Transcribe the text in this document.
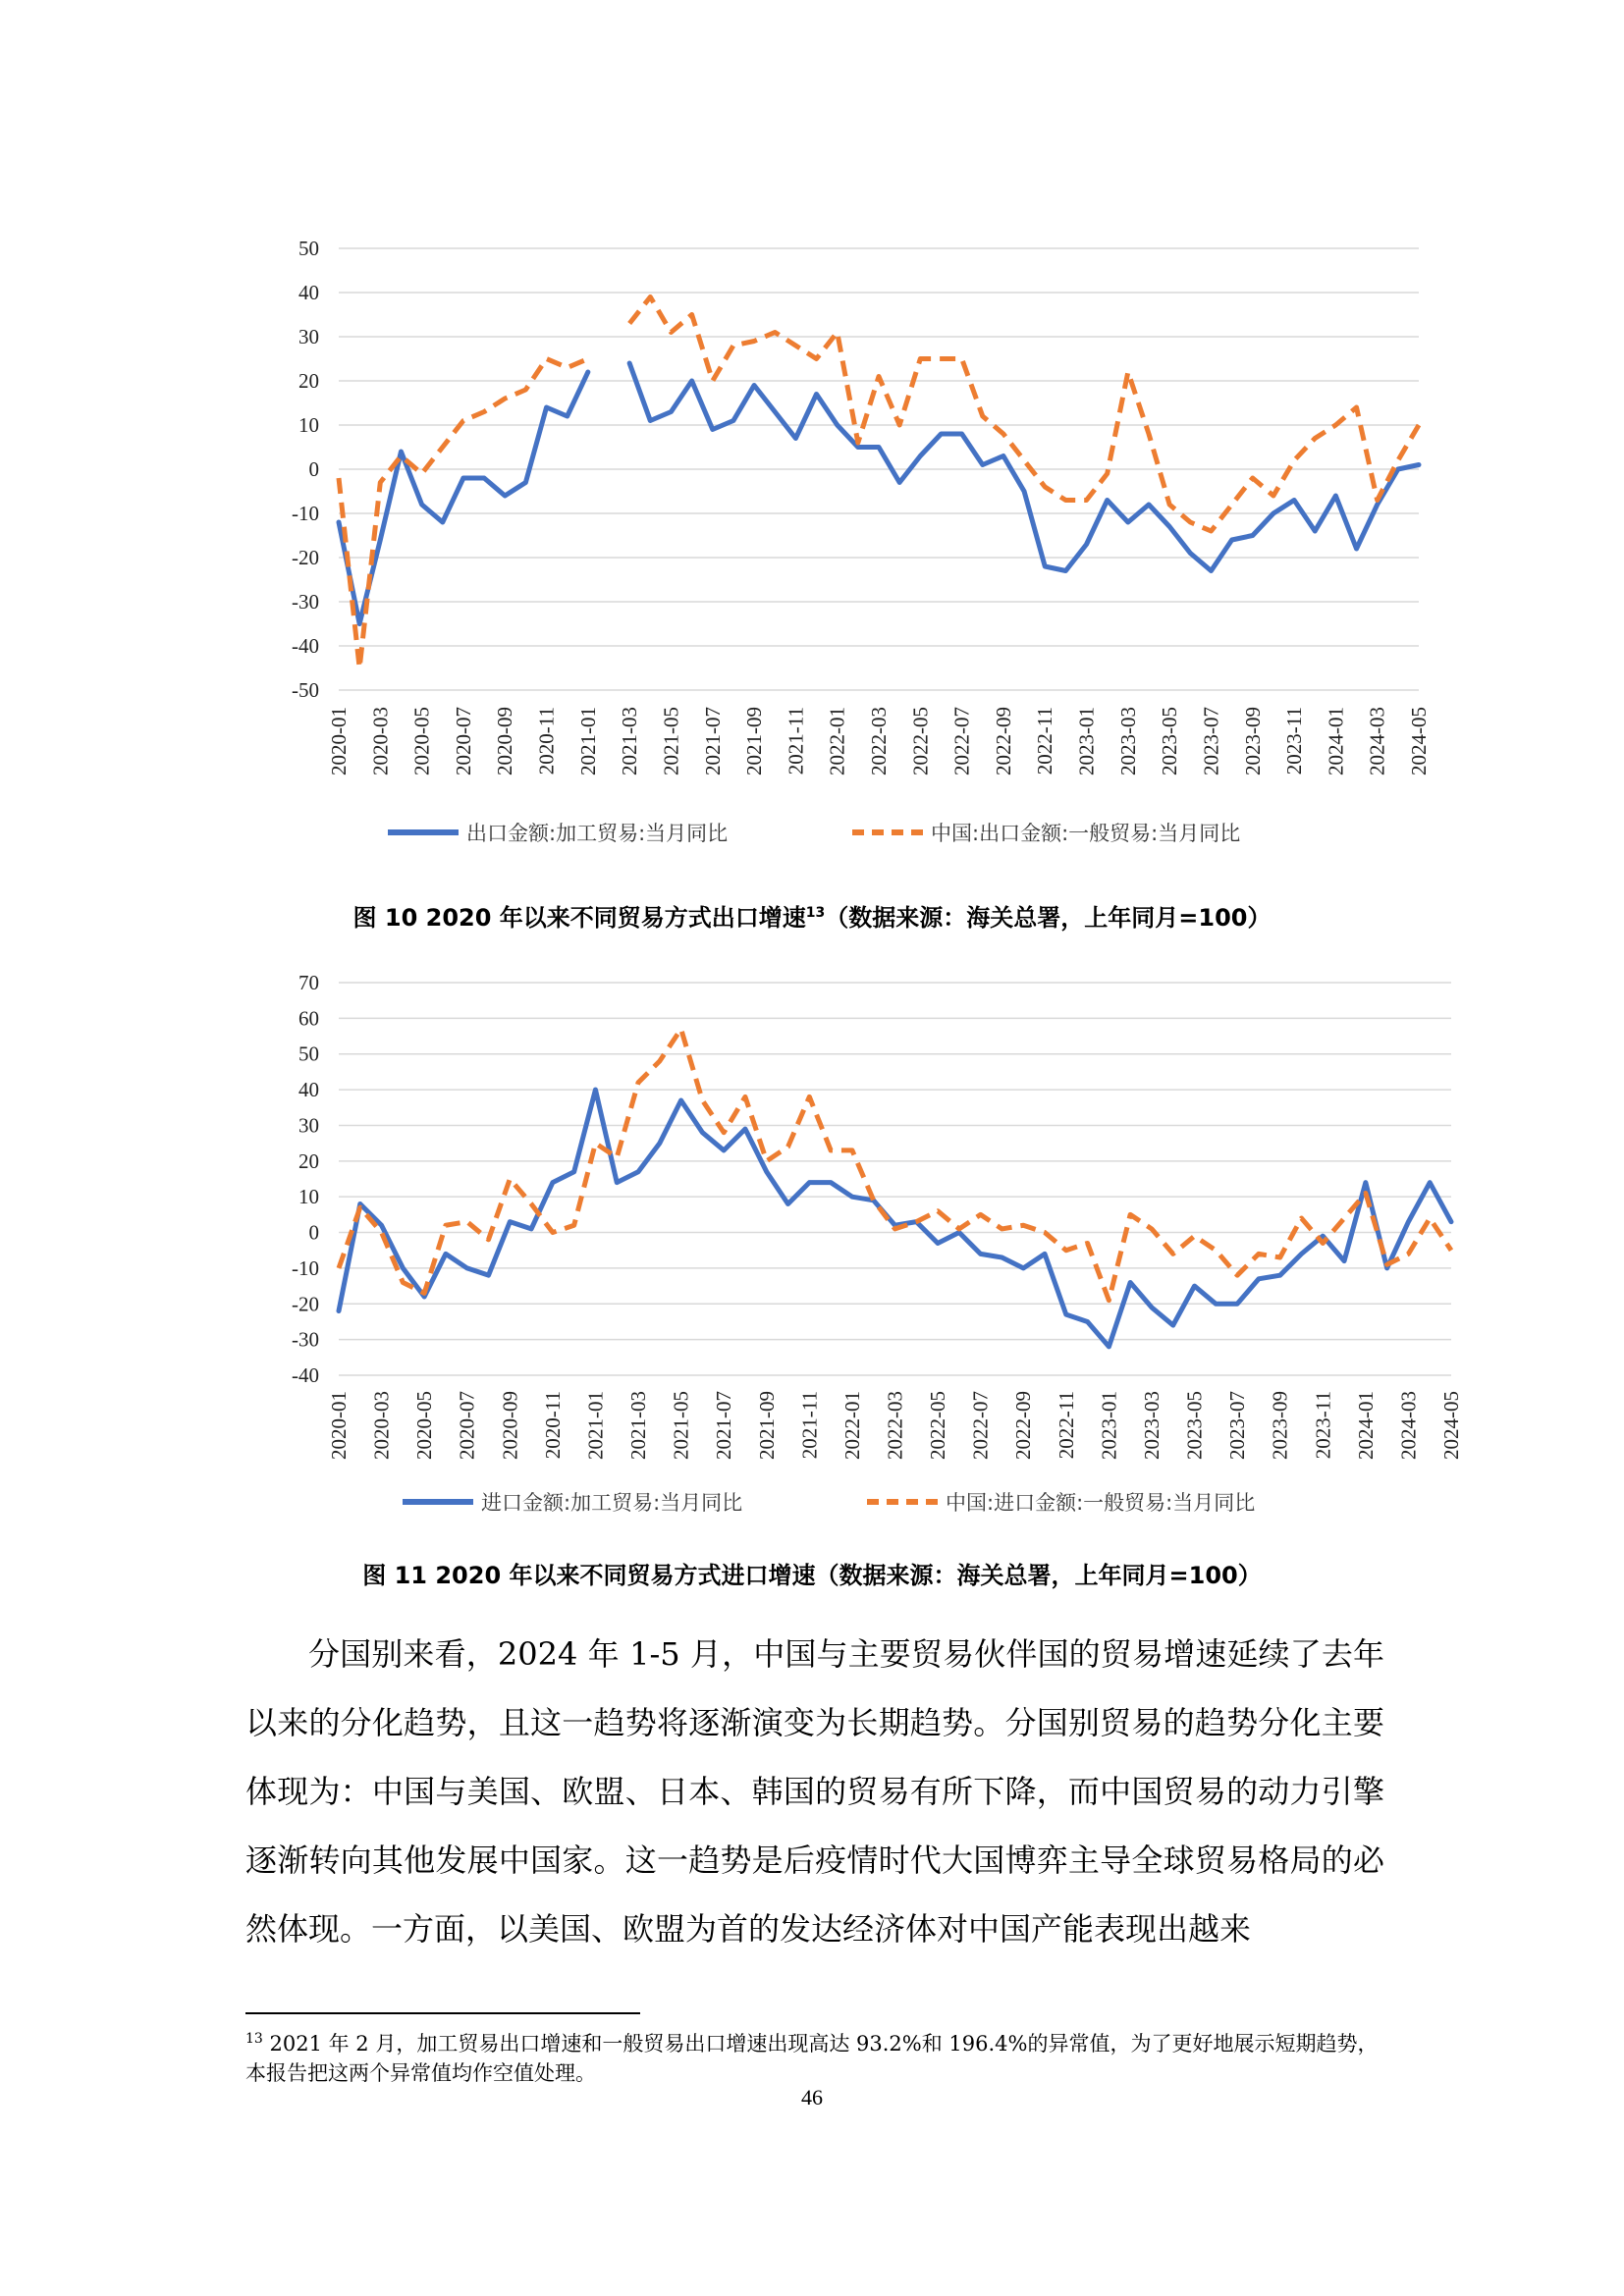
-50
-40
-30
-20
-10
0
10
20
30
40
50
2020-01 2020-03 2020-05 2020-07 2020-09 2020-11 2021-01 2021-03 2021-05 2021-07 2021-09 2021-11 2022-01 2022-03 2022-05 2022-07 2022-09 2022-11 2023-01 2023-03 2023-05 2023-07 2023-09 2023-11 2024-01 2024-03 2024-05
出口金额:加工贸易:当月同比	中国:出口金额:一般贸易:当月同比
图 10 2020 年以来不同贸易方式出口增速$^{13}$（数据来源：海关总署，上年同月=100）
-40
-30
-20
-10
0
10
20
30
40
50
60
70
2020-01 2020-03 2020-05 2020-07 2020-09 2020-11 2021-01 2021-03 2021-05 2021-07 2021-09 2021-11 2022-01 2022-03 2022-05 2022-07 2022-09 2022-11 2023-01 2023-03 2023-05 2023-07 2023-09 2023-11 2024-01 2024-03 2024-05
进口金额:加工贸易:当月同比	中国:进口金额:一般贸易:当月同比
图 11 2020 年以来不同贸易方式进口增速（数据来源：海关总署，上年同月=100）

分国别来看，2024 年 1-5 月，中国与主要贸易伙伴国的贸易增速延续了去年以来的分化趋势，且这一趋势将逐渐演变为长期趋势。分国别贸易的趋势分化主要体现为：中国与美国、欧盟、日本、韩国的贸易有所下降，而中国贸易的动力引擎逐渐转向其他发展中国家。这一趋势是后疫情时代大国博弈主导全球贸易格局的必然体现。一方面，以美国、欧盟为首的发达经济体对中国产能表现出越来

$^{13}$ 2021 年 2 月，加工贸易出口增速和一般贸易出口增速出现高达 93.2%和 196.4%的异常值，为了更好地展示短期趋势，本报告把这两个异常值均作空值处理。
46
